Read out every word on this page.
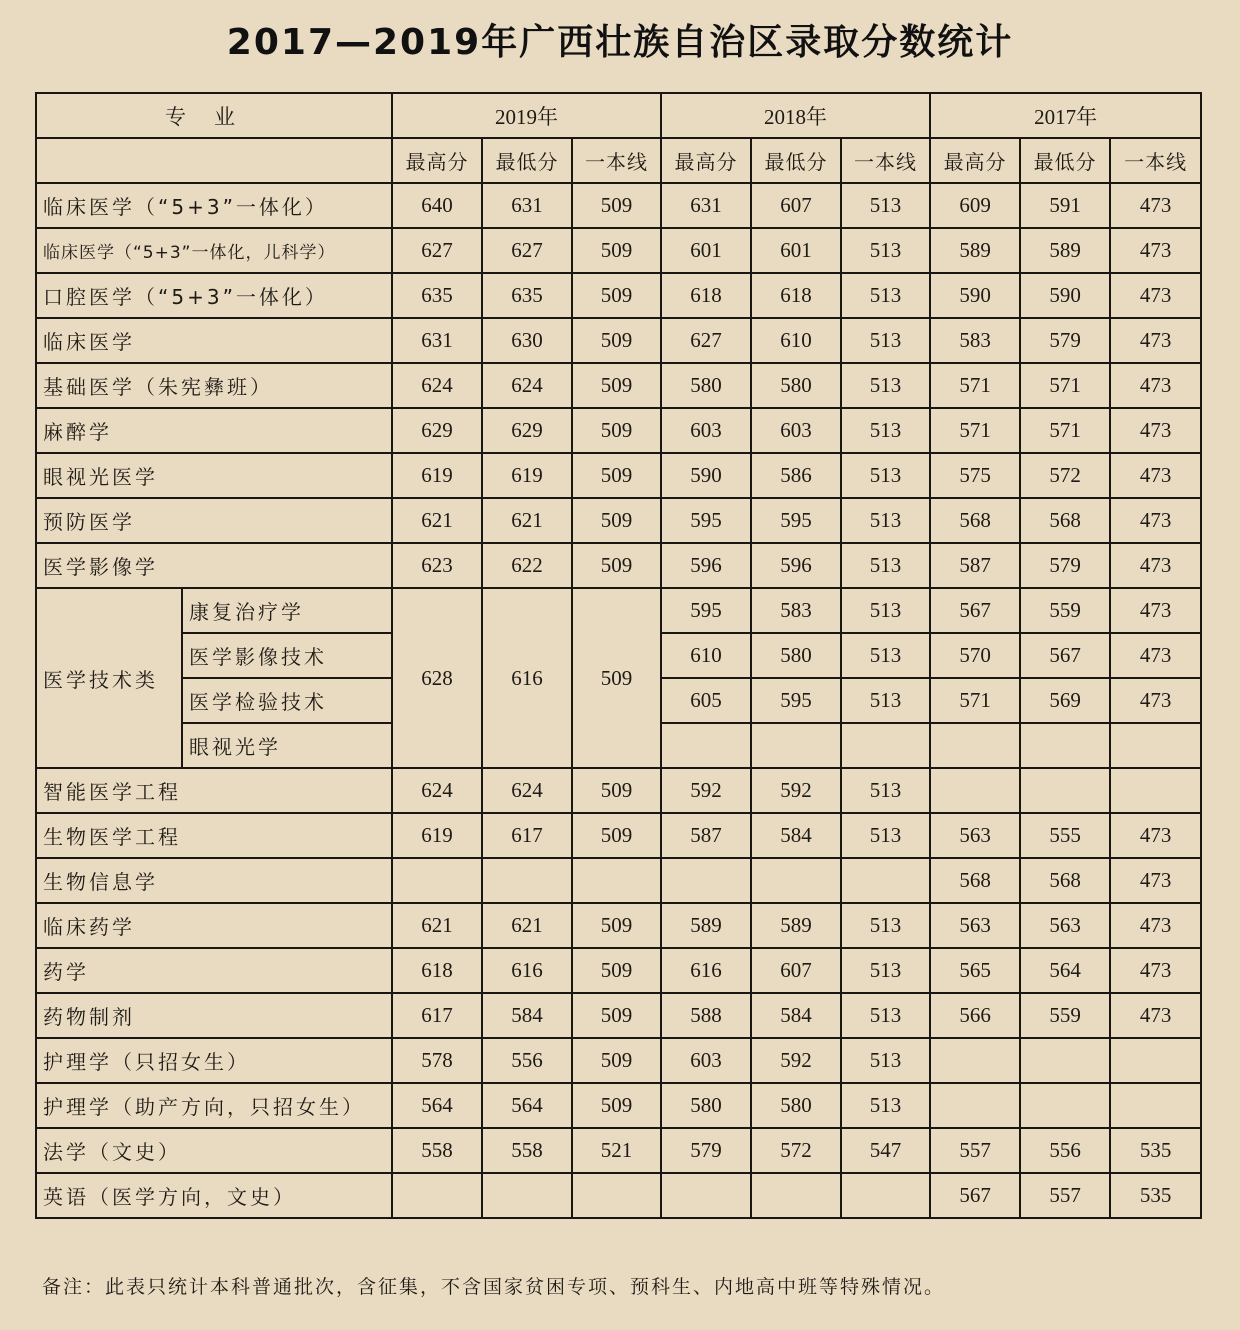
2017—2019年广西壮族自治区录取分数统计
专业		2019年			2018年			2017年		
		最高分	最低分	一本线	最高分	最低分	一本线	最高分	最低分	一本线
临床医学（“5+3”一体化）		640	631	509	631	607	513	609	591	473
临床医学（“5+3”一体化，儿科学）		627	627	509	601	601	513	589	589	473
口腔医学（“5+3”一体化）		635	635	509	618	618	513	590	590	473
临床医学		631	630	509	627	610	513	583	579	473
基础医学（朱宪彝班）		624	624	509	580	580	513	571	571	473
麻醉学		629	629	509	603	603	513	571	571	473
眼视光医学		619	619	509	590	586	513	575	572	473
预防医学		621	621	509	595	595	513	568	568	473
医学影像学		623	622	509	596	596	513	587	579	473
医学技术类	康复治疗学	628	616	509	595	583	513	567	559	473
	医学影像技术				610	580	513	570	567	473
	医学检验技术				605	595	513	571	569	473
	眼视光学									
智能医学工程		624	624	509	592	592	513			
生物医学工程		619	617	509	587	584	513	563	555	473
生物信息学								568	568	473
临床药学		621	621	509	589	589	513	563	563	473
药学		618	616	509	616	607	513	565	564	473
药物制剂		617	584	509	588	584	513	566	559	473
护理学（只招女生）		578	556	509	603	592	513			
护理学（助产方向，只招女生）		564	564	509	580	580	513			
法学（文史）		558	558	521	579	572	547	557	556	535
英语（医学方向，文史）								567	557	535
备注：此表只统计本科普通批次，含征集，不含国家贫困专项、预科生、内地高中班等特殊情况。
